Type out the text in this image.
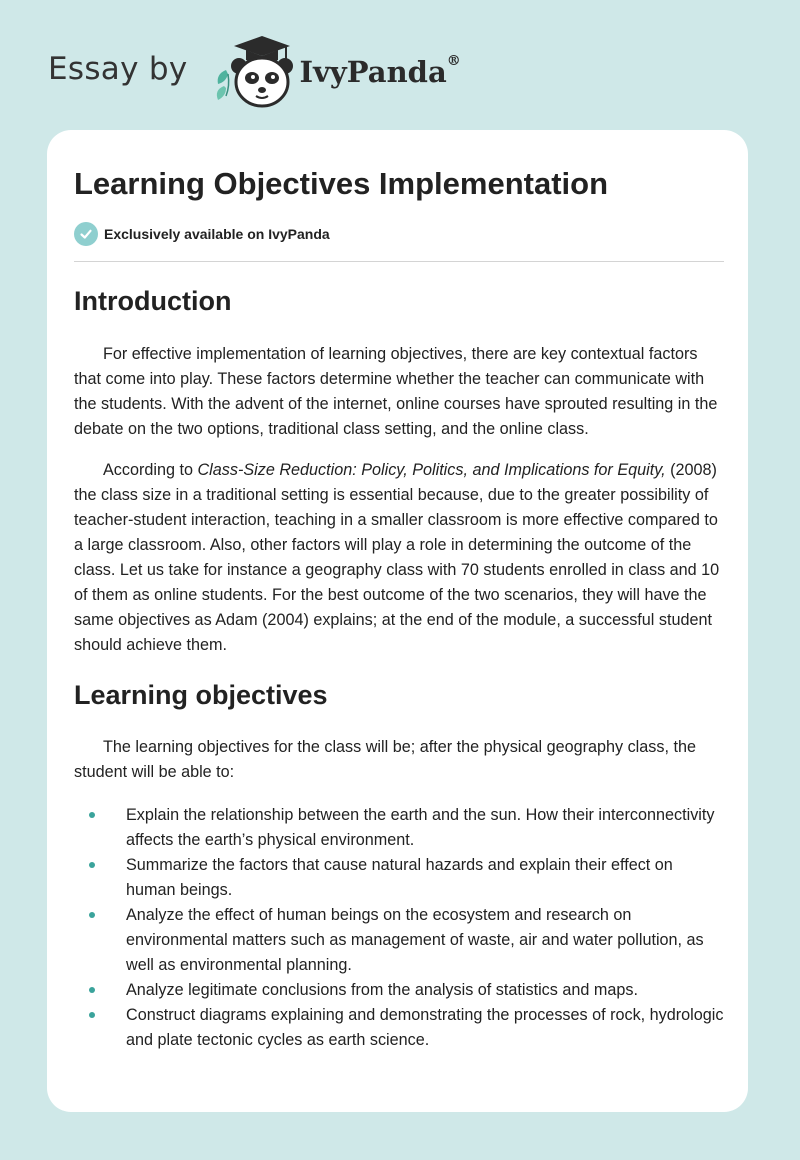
Essay by	IvyPanda®
Learning Objectives Implementation
Exclusively available on IvyPanda
Introduction

For effective implementation of learning objectives, there are key contextual factors that come into play. These factors determine whether the teacher can communicate with the students. With the advent of the internet, online courses have sprouted resulting in the debate on the two options, traditional class setting, and the online class.

According to Class-Size Reduction: Policy, Politics, and Implications for Equity, (2008) the class size in a traditional setting is essential because, due to the greater possibility of teacher-student interaction, teaching in a smaller classroom is more effective compared to a large classroom. Also, other factors will play a role in determining the outcome of the class. Let us take for instance a geography class with 70 students enrolled in class and 10 of them as online students. For the best outcome of the two scenarios, they will have the same objectives as Adam (2004) explains; at the end of the module, a successful student should achieve them.

Learning objectives

The learning objectives for the class will be; after the physical geography class, the student will be able to:

Explain the relationship between the earth and the sun. How their interconnectivity affects the earth’s physical environment.
Summarize the factors that cause natural hazards and explain their effect on human beings.
Analyze the effect of human beings on the ecosystem and research on environmental matters such as management of waste, air and water pollution, as well as environmental planning.
Analyze legitimate conclusions from the analysis of statistics and maps.
Construct diagrams explaining and demonstrating the processes of rock, hydrologic and plate tectonic cycles as earth science.
